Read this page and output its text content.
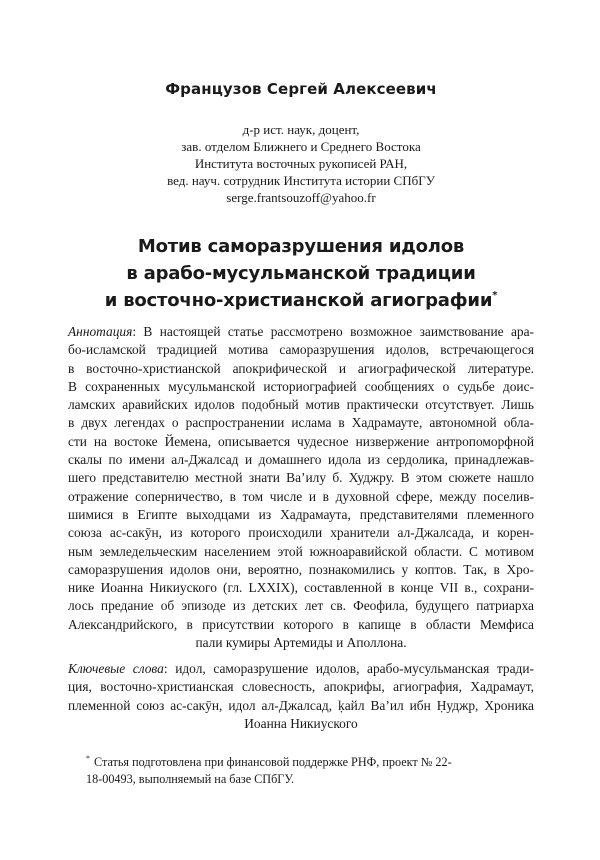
Французов Сергей Алексеевич
д-р ист. наук, доцент,
зав. отделом Ближнего и Среднего Востока
Института восточных рукописей РАН,
вед. науч. сотрудник Института истории СПбГУ
serge.frantsouzoff@yahoo.fr
Мотив саморазрушения идолов
в арабо-мусульманской традиции
и восточно-христианской агиографии*
Аннотация: В настоящей статье рассмотрено возможное заимствование ара-
бо-исламской традицией мотива саморазрушения идолов, встречающегося
в восточно-христианской апокрифической и агиографической литературе.
В сохраненных мусульманской историографией сообщениях о судьбе доис-
ламских аравийских идолов подобный мотив практически отсутствует. Лишь
в двух легендах о распространении ислама в Хадрамауте, автономной обла-
сти на востоке Йемена, описывается чудесное низвержение антропоморфной
скалы по имени ал-Джалсад и домашнего идола из сердолика, принадлежав-
шего представителю местной знати Ваʼилу б. Худжру. В этом сюжете нашло
отражение соперничество, в том числе и в духовной сфере, между поселив-
шимися в Египте выходцами из Хадрамаута, представителями племенного
союза ас-сакӯн, из которого происходили хранители ал-Джалсада, и корен-
ным земледельческим населением этой южноаравийской области. С мотивом
саморазрушения идолов они, вероятно, познакомились у коптов. Так, в Хро-
нике Иоанна Никиуского (гл. LXXIX), составленной в конце VII в., сохрани-
лось предание об эпизоде из детских лет св. Феофила, будущего патриарха
Александрийского, в присутствии которого в капище в области Мемфиса
пали кумиры Артемиды и Аполлона.
Ключевые слова: идол, саморазрушение идолов, арабо-мусульманская тради-
ция, восточно-христианская словесность, апокрифы, агиография, Хадрамаут,
племенной союз ас-сакӯн, идол ал-Джалсад, ḳайл Ваʼил ибн Ḥуджр, Хроника
Иоанна Никиуского
* Статья подготовлена при финансовой поддержке РНФ, проект № 22-
18-00493, выполняемый на базе СПбГУ.
